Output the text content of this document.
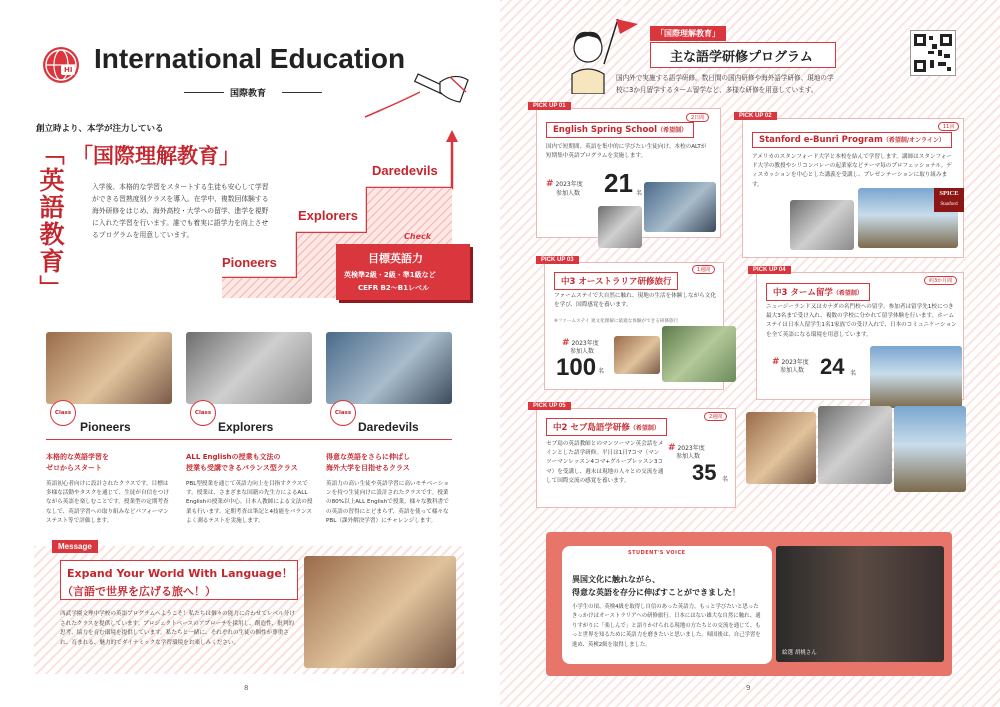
HI International Education
国際教育
創立時より、本学が注力している
「英語教育」 「国際理解教育」
入学後、本格的な学習をスタートする生徒も安心して学習ができる習熟度別クラスを導入。在学中、複数回体験する海外研修をはじめ、海外高校・大学への留学、進学を視野に入れた学習を行います。誰でも着実に語学力を向上させるプログラムを用意しています。
Pioneers
Explorers
Daredevils
Check
目標英語力
英検準2級・2級・準1級など
CEFR B2〜B1レベル
Class	Class	Class
Pioneers	Explorers	Daredevils
本格的な英語学習を
ゼロからスタート
英語初心者向けに設計されたクラスです。目標は多様な活動やタスクを通じて、生徒が自信をつけながら英語を楽しむことです。授業型の定期考査なしで、英語学習への取り組みなどパフォーマンステスト等で評価します。
ALL Englishの授業も文法の
授業も受講できるバランス型クラス
PBL型授業を通じて英語力向上を目指すクラスです。授業は、さまざまな国籍の先生方によるALL Englishの授業が中心。日本人教師による文法の授業も行います。定期考査は筆記と4技能をバランスよく測るテストを実施します。
得意な英語をさらに伸ばし
海外大学を目指せるクラス
英語力の高い生徒や英語学習に高いモチベーションを持つ生徒向けに設計されたクラスです。授業の80%以上ALL Englishで授業。様々な教科書での英語の習得にとどまらず、英語を使って様々なPBL（課外解決学習）にチャレンジします。
Message
Expand Your World With Language！
（言語で世界を広げる旅へ！）
西武学園文理中学校の英語プログラムへようこそ！私たちは個々の能力に合わせてレベル分けされたクラスを提供しています。プロジェクトベースのアプローチを採用し、創造性、批判的思考、協力を育む環境を提供しています。私たちと一緒に、それぞれの生徒の個性が尊重され、育まれる、魅力的でダイナミックな学習環境をお楽しみください。
8
PICK UP
「国際理解教育」
主な語学研修プログラム
国内外で実施する語学研修。数日間の国内研修や海外語学研修、現地の学校に3か月留学するターム留学など、多様な研修を用意しています。
PICK UP 01
2日間
English Spring School（希望制）
国内で短期間、英語を集中的に学びたい生徒向け。本校のALTが短期集中英語プログラムを実施します。
# 2023年度
参加人数 21 名
PICK UP 02
11回
Stanford e-Bunri Program（希望制/オンライン）
アメリカのスタンフォード大学と本校を結んで学習します。講師はスタンフォード大学の教授やシリコンバレーの起業家などテーマ毎のプロフェッショナル。ディスカッションを中心とした講義を受講し、プレゼンテーションに取り組みます。
SPICE
Stanford
PICK UP 03
1週間
中3 オーストラリア研修旅行
ファームステイで大自然に触れ、現地の生活を体験しながら文化を学び、国際感覚を養います。
※ファームステイ 異文化理解に最適な体験ができる研修旅行
# 2023年度
参加人数
100 名
PICK UP 04
約3か月間
中3 ターム留学（希望制）
ニュージーランド又はカナダの名門校への留学。参加者は留学先1校につき最大3名まで受け入れ、複数の学校に分かれて留学体験を行います。ホームステイは日本人留学生1名1家族での受け入れで、日本のコミュニケーションを全て英語になる環境を用意しています。
# 2023年度
参加人数 24 名
PICK UP 05
2週間
中2 セブ島語学研修（希望制）
セブ島の英語教師とのマンツーマン英会話をメインとした語学研修。平日は1日7コマ（マンツーマンレッスン4コマ+グループレッスン3コマ）を受講し、週末は現地の人々との交流を通して国際交流の感覚を養います。
# 2023年度
参加人数
35 名
STUDENT'S VOICE
異国文化に触れながら、
得意な英語を存分に伸ばすことができました！
小学生の頃、英検4級を取得し自信のあった英語力。もっと学びたいと思ったきっかけはオーストラリアへの研修旅行。日本にはない雄大な自然に触れ、通りすがりに「楽しんで」と語りかけられる現地の方たちとの交流を通じて、もっと世界を知るために英語力を磨きたいと思いました。帰国後は、自己学習を進め、英検2級を取得しました。
絵選 胡桃さん
9
